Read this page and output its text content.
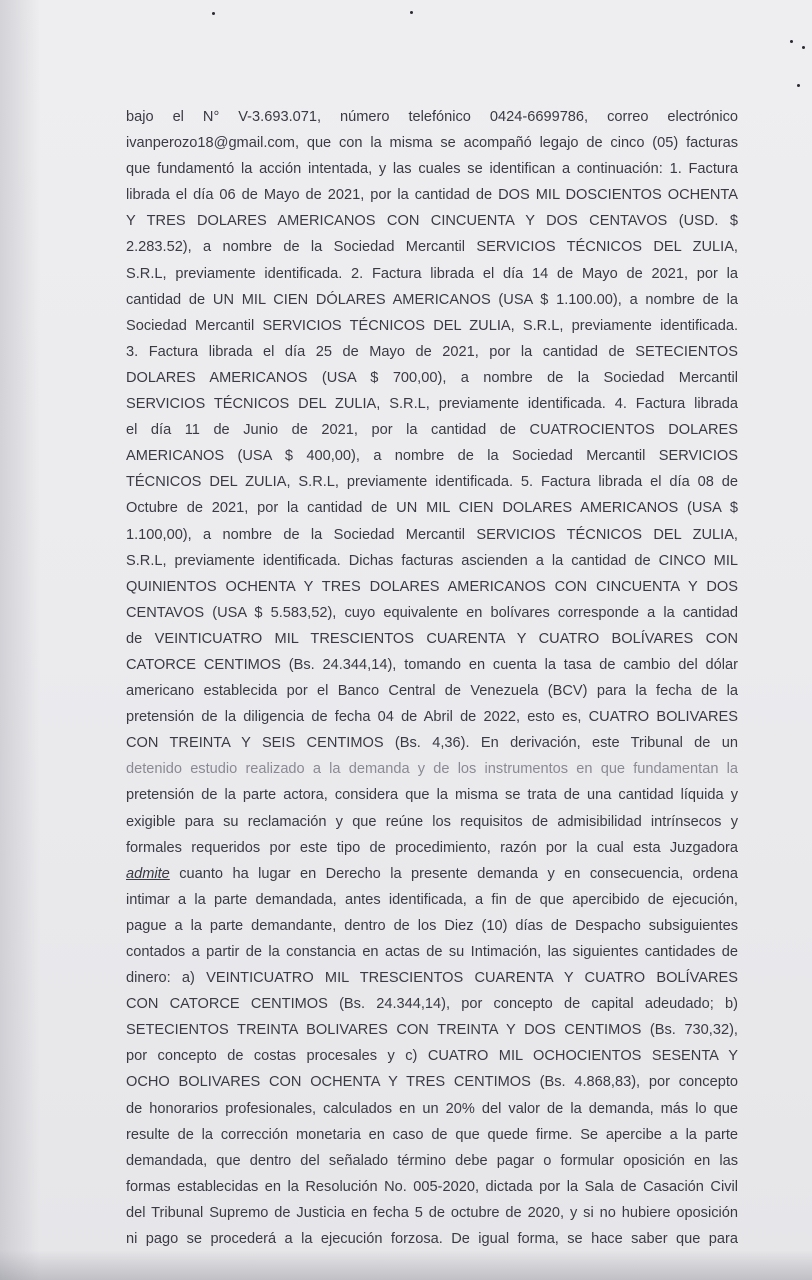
bajo el N° V-3.693.071, número telefónico 0424-6699786, correo electrónico
ivanperozo18@gmail.com, que con la misma se acompañó legajo de cinco (05) facturas
que fundamentó la acción intentada, y las cuales se identifican a continuación: 1. Factura
librada el día 06 de Mayo de 2021, por la cantidad de DOS MIL DOSCIENTOS OCHENTA
Y TRES DOLARES AMERICANOS CON CINCUENTA Y DOS CENTAVOS (USD. $
2.283.52), a nombre de la Sociedad Mercantil SERVICIOS TÉCNICOS DEL ZULIA,
S.R.L, previamente identificada. 2. Factura librada el día 14 de Mayo de 2021, por la
cantidad de UN MIL CIEN DÓLARES AMERICANOS (USA $ 1.100.00), a nombre de la
Sociedad Mercantil SERVICIOS TÉCNICOS DEL ZULIA, S.R.L, previamente identificada.
3. Factura librada el día 25 de Mayo de 2021, por la cantidad de SETECIENTOS
DOLARES AMERICANOS (USA $ 700,00), a nombre de la Sociedad Mercantil
SERVICIOS TÉCNICOS DEL ZULIA, S.R.L, previamente identificada. 4. Factura librada
el día 11 de Junio de 2021, por la cantidad de CUATROCIENTOS DOLARES
AMERICANOS (USA $ 400,00), a nombre de la Sociedad Mercantil SERVICIOS
TÉCNICOS DEL ZULIA, S.R.L, previamente identificada. 5. Factura librada el día 08 de
Octubre de 2021, por la cantidad de UN MIL CIEN DOLARES AMERICANOS (USA $
1.100,00), a nombre de la Sociedad Mercantil SERVICIOS TÉCNICOS DEL ZULIA,
S.R.L, previamente identificada. Dichas facturas ascienden a la cantidad de CINCO MIL
QUINIENTOS OCHENTA Y TRES DOLARES AMERICANOS CON CINCUENTA Y DOS
CENTAVOS (USA $ 5.583,52), cuyo equivalente en bolívares corresponde a la cantidad
de VEINTICUATRO MIL TRESCIENTOS CUARENTA Y CUATRO BOLÍVARES CON
CATORCE CENTIMOS (Bs. 24.344,14), tomando en cuenta la tasa de cambio del dólar
americano establecida por el Banco Central de Venezuela (BCV) para la fecha de la
pretensión de la diligencia de fecha 04 de Abril de 2022, esto es, CUATRO BOLIVARES
CON TREINTA Y SEIS CENTIMOS (Bs. 4,36). En derivación, este Tribunal de un
detenido estudio realizado a la demanda y de los instrumentos en que fundamentan la
pretensión de la parte actora, considera que la misma se trata de una cantidad líquida y
exigible para su reclamación y que reúne los requisitos de admisibilidad intrínsecos y
formales requeridos por este tipo de procedimiento, razón por la cual esta Juzgadora
admite cuanto ha lugar en Derecho la presente demanda y en consecuencia, ordena
intimar a la parte demandada, antes identificada, a fin de que apercibido de ejecución,
pague a la parte demandante, dentro de los Diez (10) días de Despacho subsiguientes
contados a partir de la constancia en actas de su Intimación, las siguientes cantidades de
dinero: a) VEINTICUATRO MIL TRESCIENTOS CUARENTA Y CUATRO BOLÍVARES
CON CATORCE CENTIMOS (Bs. 24.344,14), por concepto de capital adeudado; b)
SETECIENTOS TREINTA BOLIVARES CON TREINTA Y DOS CENTIMOS (Bs. 730,32),
por concepto de costas procesales y c) CUATRO MIL OCHOCIENTOS SESENTA Y
OCHO BOLIVARES CON OCHENTA Y TRES CENTIMOS (Bs. 4.868,83), por concepto
de honorarios profesionales, calculados en un 20% del valor de la demanda, más lo que
resulte de la corrección monetaria en caso de que quede firme. Se apercibe a la parte
demandada, que dentro del señalado término debe pagar o formular oposición en las
formas establecidas en la Resolución No. 005-2020, dictada por la Sala de Casación Civil
del Tribunal Supremo de Justicia en fecha 5 de octubre de 2020, y si no hubiere oposición
ni pago se procederá a la ejecución forzosa. De igual forma, se hace saber que para
